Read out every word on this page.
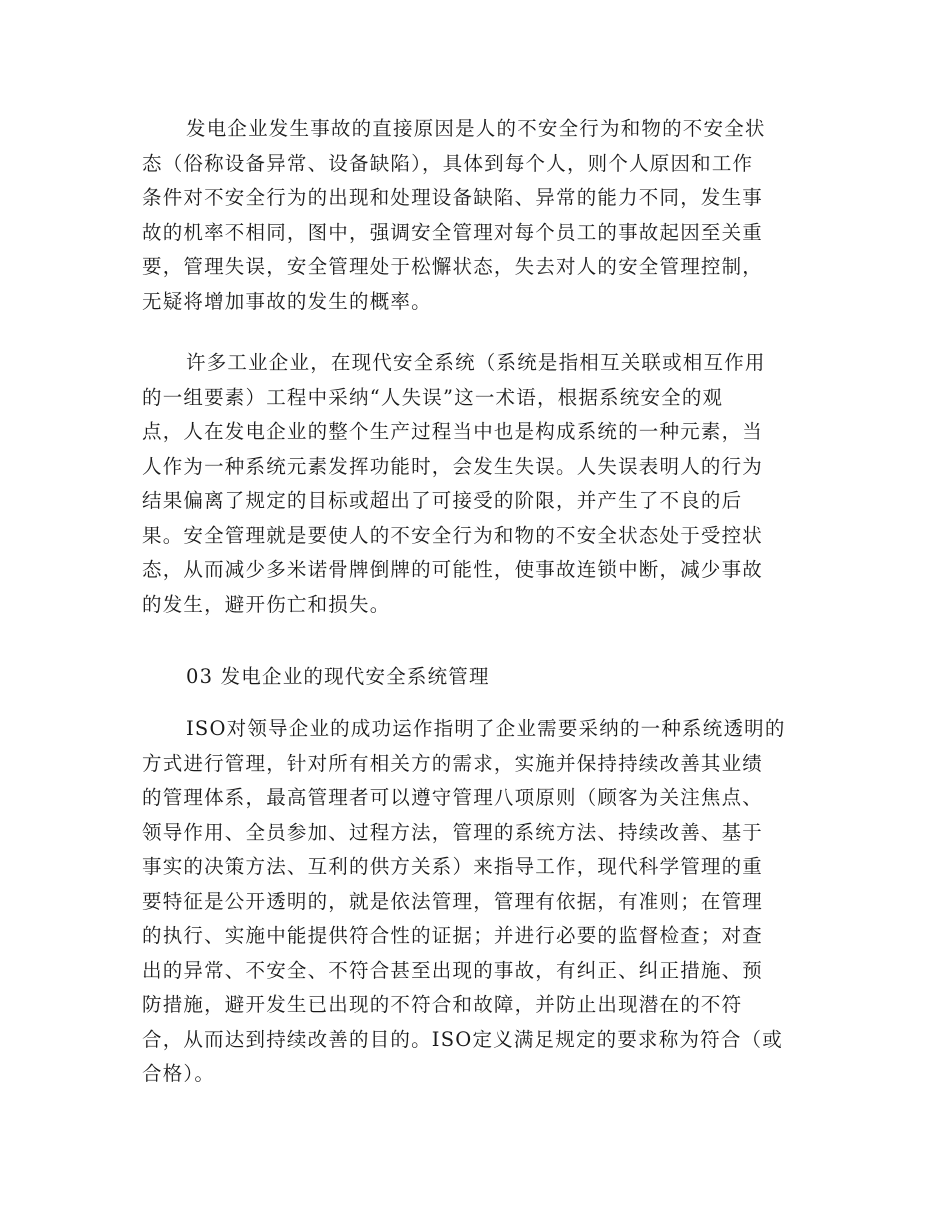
发电企业发生事故的直接原因是人的不安全行为和物的不安全状
态（俗称设备异常、设备缺陷），具体到每个人，则个人原因和工作
条件对不安全行为的出现和处理设备缺陷、异常的能力不同，发生事
故的机率不相同，图中，强调安全管理对每个员工的事故起因至关重
要，管理失误，安全管理处于松懈状态，失去对人的安全管理控制，
无疑将增加事故的发生的概率。
许多工业企业，在现代安全系统（系统是指相互关联或相互作用
的一组要素）工程中采纳“人失误”这一术语，根据系统安全的观
点，人在发电企业的整个生产过程当中也是构成系统的一种元素，当
人作为一种系统元素发挥功能时，会发生失误。人失误表明人的行为
结果偏离了规定的目标或超出了可接受的阶限，并产生了不良的后
果。安全管理就是要使人的不安全行为和物的不安全状态处于受控状
态，从而减少多米诺骨牌倒牌的可能性，使事故连锁中断，减少事故
的发生，避开伤亡和损失。
03 发电企业的现代安全系统管理
ISO对领导企业的成功运作指明了企业需要采纳的一种系统透明的
方式进行管理，针对所有相关方的需求，实施并保持持续改善其业绩
的管理体系，最高管理者可以遵守管理八项原则（顾客为关注焦点、
领导作用、全员参加、过程方法，管理的系统方法、持续改善、基于
事实的决策方法、互利的供方关系）来指导工作，现代科学管理的重
要特征是公开透明的，就是依法管理，管理有依据，有准则；在管理
的执行、实施中能提供符合性的证据；并进行必要的监督检查；对查
出的异常、不安全、不符合甚至出现的事故，有纠正、纠正措施、预
防措施，避开发生已出现的不符合和故障，并防止出现潜在的不符
合，从而达到持续改善的目的。ISO定义满足规定的要求称为符合（或
合格）。
